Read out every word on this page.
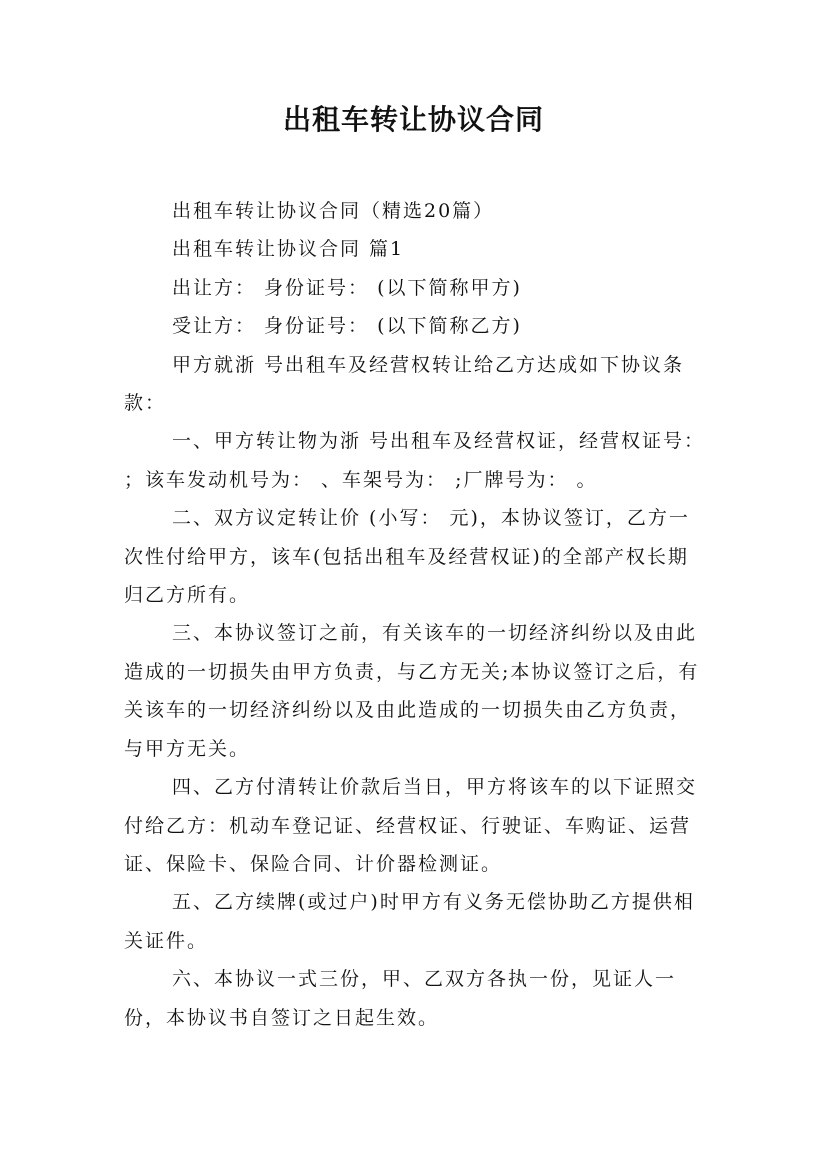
出租车转让协议合同

出租车转让协议合同（精选20篇）

出租车转让协议合同 篇1

出让方： 身份证号： (以下简称甲方)

受让方： 身份证号： (以下简称乙方)

甲方就浙 号出租车及经营权转让给乙方达成如下协议条款：

一、甲方转让物为浙 号出租车及经营权证，经营权证号： ；该车发动机号为： 、车架号为： ;厂牌号为： 。

二、双方议定转让价 (小写： 元)，本协议签订，乙方一次性付给甲方，该车(包括出租车及经营权证)的全部产权长期归乙方所有。

三、本协议签订之前，有关该车的一切经济纠纷以及由此造成的一切损失由甲方负责，与乙方无关;本协议签订之后，有关该车的一切经济纠纷以及由此造成的一切损失由乙方负责，与甲方无关。

四、乙方付清转让价款后当日，甲方将该车的以下证照交付给乙方：机动车登记证、经营权证、行驶证、车购证、运营证、保险卡、保险合同、计价器检测证。

五、乙方续牌(或过户)时甲方有义务无偿协助乙方提供相关证件。

六、本协议一式三份，甲、乙双方各执一份，见证人一份，本协议书自签订之日起生效。
